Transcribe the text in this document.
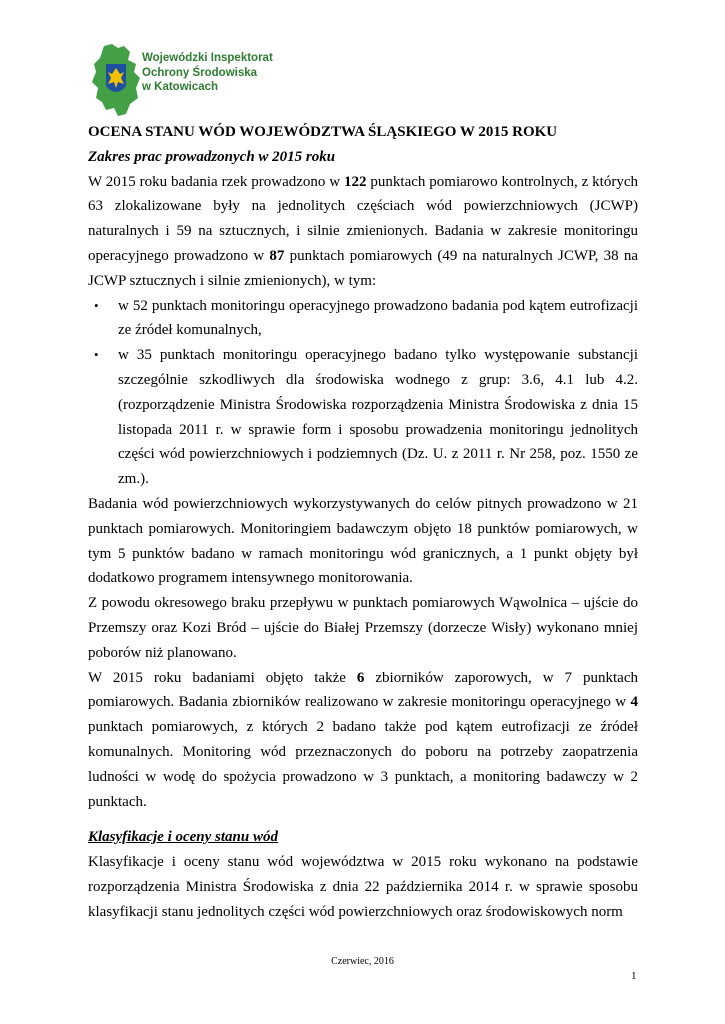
Wojewódzki Inspektorat
Ochrony Środowiska
w Katowicach

OCENA STANU WÓD WOJEWÓDZTWA ŚLĄSKIEGO W 2015 ROKU

Zakres prac prowadzonych w 2015 roku

W 2015 roku badania rzek prowadzono w 122 punktach pomiarowo kontrolnych, z których 63 zlokalizowane były na jednolitych częściach wód powierzchniowych (JCWP) naturalnych i 59 na sztucznych, i silnie zmienionych. Badania w zakresie monitoringu operacyjnego prowadzono w 87 punktach pomiarowych (49 na naturalnych JCWP, 38 na JCWP sztucznych i silnie zmienionych), w tym:

• w 52 punktach monitoringu operacyjnego prowadzono badania pod kątem eutrofizacji ze źródeł komunalnych,
• w 35 punktach monitoringu operacyjnego badano tylko występowanie substancji szczególnie szkodliwych dla środowiska wodnego z grup: 3.6, 4.1 lub 4.2. (rozporządzenie Ministra Środowiska rozporządzenia Ministra Środowiska z dnia 15 listopada 2011 r. w sprawie form i sposobu prowadzenia monitoringu jednolitych części wód powierzchniowych i podziemnych (Dz. U. z 2011 r. Nr 258, poz. 1550 ze zm.).

Badania wód powierzchniowych wykorzystywanych do celów pitnych prowadzono w 21 punktach pomiarowych. Monitoringiem badawczym objęto 18 punktów pomiarowych, w tym 5 punktów badano w ramach monitoringu wód granicznych, a 1 punkt objęty był dodatkowo programem intensywnego monitorowania.

Z powodu okresowego braku przepływu w punktach pomiarowych Wąwolnica – ujście do Przemszy oraz Kozi Bród – ujście do Białej Przemszy (dorzecze Wisły) wykonano mniej poborów niż planowano.

W 2015 roku badaniami objęto także 6 zbiorników zaporowych, w 7 punktach pomiarowych. Badania zbiorników realizowano w zakresie monitoringu operacyjnego w 4 punktach pomiarowych, z których 2 badano także pod kątem eutrofizacji ze źródeł komunalnych. Monitoring wód przeznaczonych do poboru na potrzeby zaopatrzenia ludności w wodę do spożycia prowadzono w 3 punktach, a monitoring badawczy w 2 punktach.

Klasyfikacje i oceny stanu wód

Klasyfikacje i oceny stanu wód województwa w 2015 roku wykonano na podstawie rozporządzenia Ministra Środowiska z dnia 22 października 2014 r. w sprawie sposobu klasyfikacji stanu jednolitych części wód powierzchniowych oraz środowiskowych norm

Czerwiec, 2016
1
